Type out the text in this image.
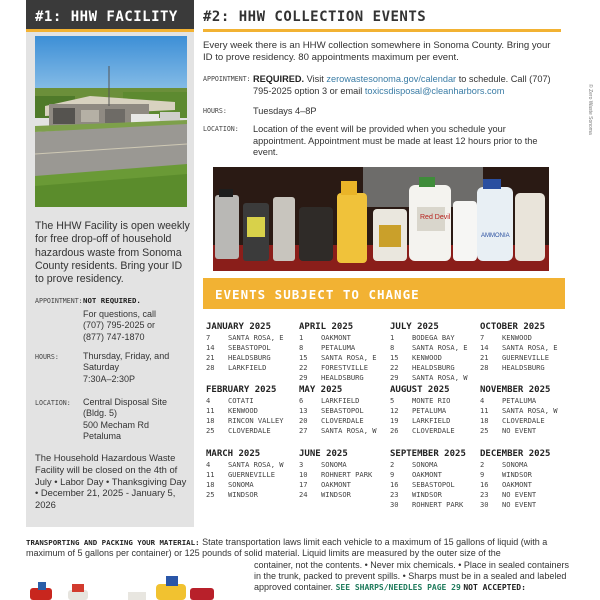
#1: HHW FACILITY
The HHW Facility is open weekly for free drop-off of household hazardous waste from Sonoma County residents. Bring your ID to prove residency.
APPOINTMENT: NOT REQUIRED.
For questions, call
(707) 795-2025 or
(877) 747-1870
HOURS:	Thursday, Friday, and
Saturday
7:30A–2:30P
LOCATION: Central Disposal Site
(Bldg. 5)
500 Mecham Rd
Petaluma
The Household Hazardous Waste Facility will be closed on the 4th of July • Labor Day • Thanksgiving Day • December 21, 2025 - January 5, 2026
#2: HHW COLLECTION EVENTS
Every week there is an HHW collection somewhere in Sonoma County. Bring your ID to prove residency. 80 appointments maximum per event.
APPOINTMENT: REQUIRED. Visit zerowastesonoma.gov/calendar to schedule. Call (707) 795-2025 option 3 or email toxicsdisposal@cleanharbors.com
HOURS:	Tuesdays 4–8P
LOCATION: Location of the event will be provided when you schedule your appointment. Appointment must be made at least 12 hours prior to the event.
Red Devil
AMMONIA
© Zero Waste Sonoma
EVENTS SUBJECT TO CHANGE
JANUARY 2025
7	SANTA ROSA, E
14	SEBASTOPOL
21	HEALDSBURG
28	LARKFIELD
APRIL 2025
1	OAKMONT
8	PETALUMA
15	SANTA ROSA, E
22	FORESTVILLE
29	HEALDSBURG
JULY 2025
1	BODEGA BAY
8	SANTA ROSA, E
15	KENWOOD
22	HEALDSBURG
29	SANTA ROSA, W
OCTOBER 2025
7	KENWOOD
14	SANTA ROSA, E
21	GUERNEVILLE
28	HEALDSBURG
FEBRUARY 2025
4	COTATI
11	KENWOOD
18	RINCON VALLEY
25	CLOVERDALE
MAY 2025
6	LARKFIELD
13	SEBASTOPOL
20	CLOVERDALE
27	SANTA ROSA, W
AUGUST 2025
5	MONTE RIO
12	PETALUMA
19	LARKFIELD
26	CLOVERDALE
NOVEMBER 2025
4	PETALUMA
11	SANTA ROSA, W
18	CLOVERDALE
25	NO EVENT
MARCH 2025
4	SANTA ROSA, W
11	GUERNEVILLE
18	SONOMA
25	WINDSOR
JUNE 2025
3	SONOMA
10	ROHNERT PARK
17	OAKMONT
24	WINDSOR
SEPTEMBER 2025
2	SONOMA
9	OAKMONT
16	SEBASTOPOL
23	WINDSOR
30	ROHNERT PARK
DECEMBER 2025
2	SONOMA
9	WINDSOR
16	OAKMONT
23	NO EVENT
30	NO EVENT
TRANSPORTING AND PACKING YOUR MATERIAL: State transportation laws limit each vehicle to a maximum of 15 gallons of liquid (with a maximum of 5 gallons per container) or 125 pounds of solid material. Liquid limits are measured by the outer size of the
container, not the contents. • Never mix chemicals. • Place in sealed containers
in the trunk, packed to prevent spills. • Sharps must be in a sealed and labeled
approved container. SEE SHARPS/NEEDLES PAGE 29 NOT ACCEPTED:
